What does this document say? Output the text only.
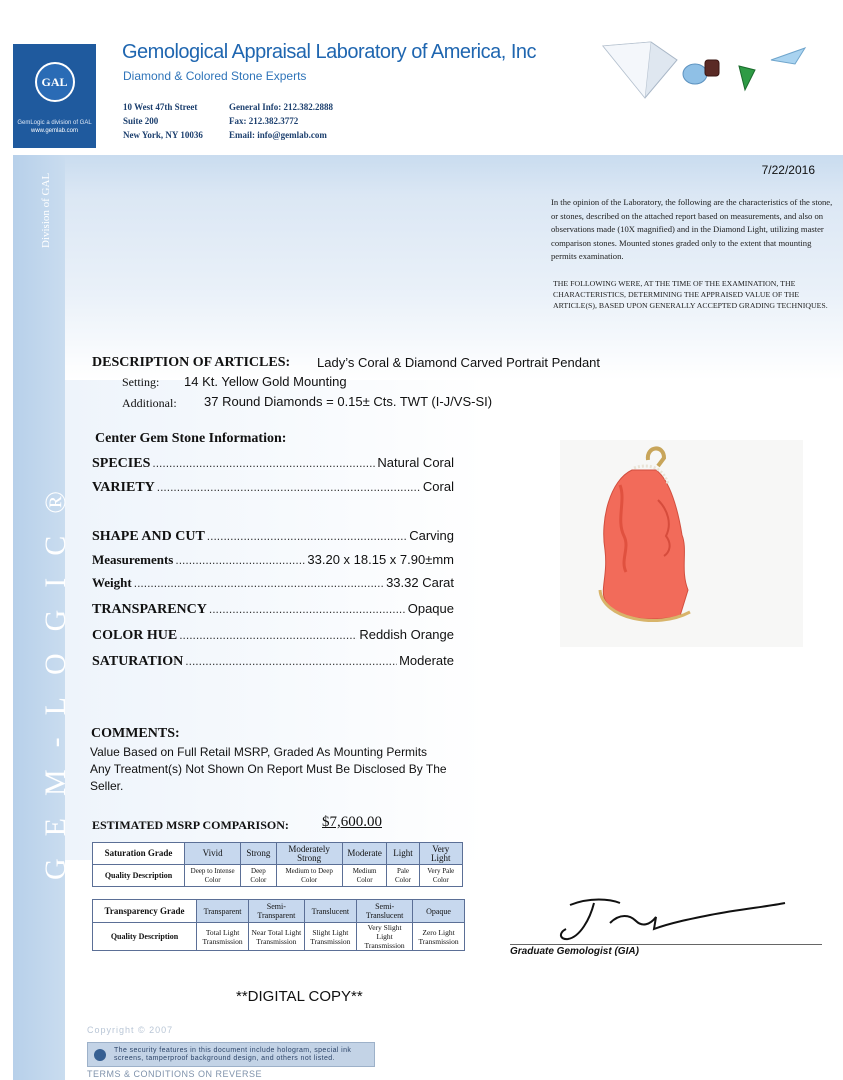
GEM-LOGIC®
Division of GAL
GAL
GemLogic a division of GAL
www.gemlab.com
Gemological Appraisal Laboratory of America, Inc
Diamond & Colored Stone Experts
10 West 47th Street
Suite 200
New York, NY 10036
General Info: 212.382.2888
Fax: 212.382.3772
Email: info@gemlab.com
7/22/2016
In the opinion of the Laboratory, the following are the characteristics of the stone, or stones, described on the attached report based on measurements, and also on observations made (10X magnified) and in the Diamond Light, utilizing master comparison stones. Mounted stones graded only to the extent that mounting permits examination.
THE FOLLOWING WERE, AT THE TIME OF THE EXAMINATION, THE CHARACTERISTICS, DETERMINING THE APPRAISED VALUE OF THE ARTICLE(S), BASED UPON GENERALLY ACCEPTED GRADING TECHNIQUES.
DESCRIPTION OF ARTICLES: Lady’s Coral & Diamond Carved Portrait Pendant
Setting: 14 Kt. Yellow Gold Mounting
Additional: 37 Round Diamonds = 0.15± Cts. TWT (I-J/VS-SI)
Center Gem Stone Information:
SPECIES .....	Natural Coral
VARIETY .....	Coral
SHAPE AND CUT .....	Carving
Measurements .....	33.20 x 18.15 x 7.90±mm
Weight .....	33.32 Carat
TRANSPARENCY .....	Opaque
COLOR HUE .....	Reddish Orange
SATURATION .....	Moderate
COMMENTS:
Value Based on Full Retail MSRP, Graded As Mounting Permits
Any Treatment(s) Not Shown On Report Must Be Disclosed By The Seller.
ESTIMATED MSRP COMPARISON: $7,600.00
Saturation Grade	Vivid	Strong	Moderately Strong	Moderate	Light	Very Light
Quality Description	Deep to Intense Color	Deep Color	Medium to Deep Color	Medium Color	Pale Color	Very Pale Color
Transparency Grade	Transparent	Semi-Transparent	Translucent	Semi-Translucent	Opaque
Quality Description	Total Light Transmission	Near Total Light Transmission	Slight Light Transmission	Very Slight Light Transmission	Zero Light Transmission
Graduate Gemologist (GIA)
**DIGITAL COPY**
Copyright © 2007
The security features in this document include hologram, special ink screens, tamperproof background design, and others not listed.
TERMS & CONDITIONS ON REVERSE
